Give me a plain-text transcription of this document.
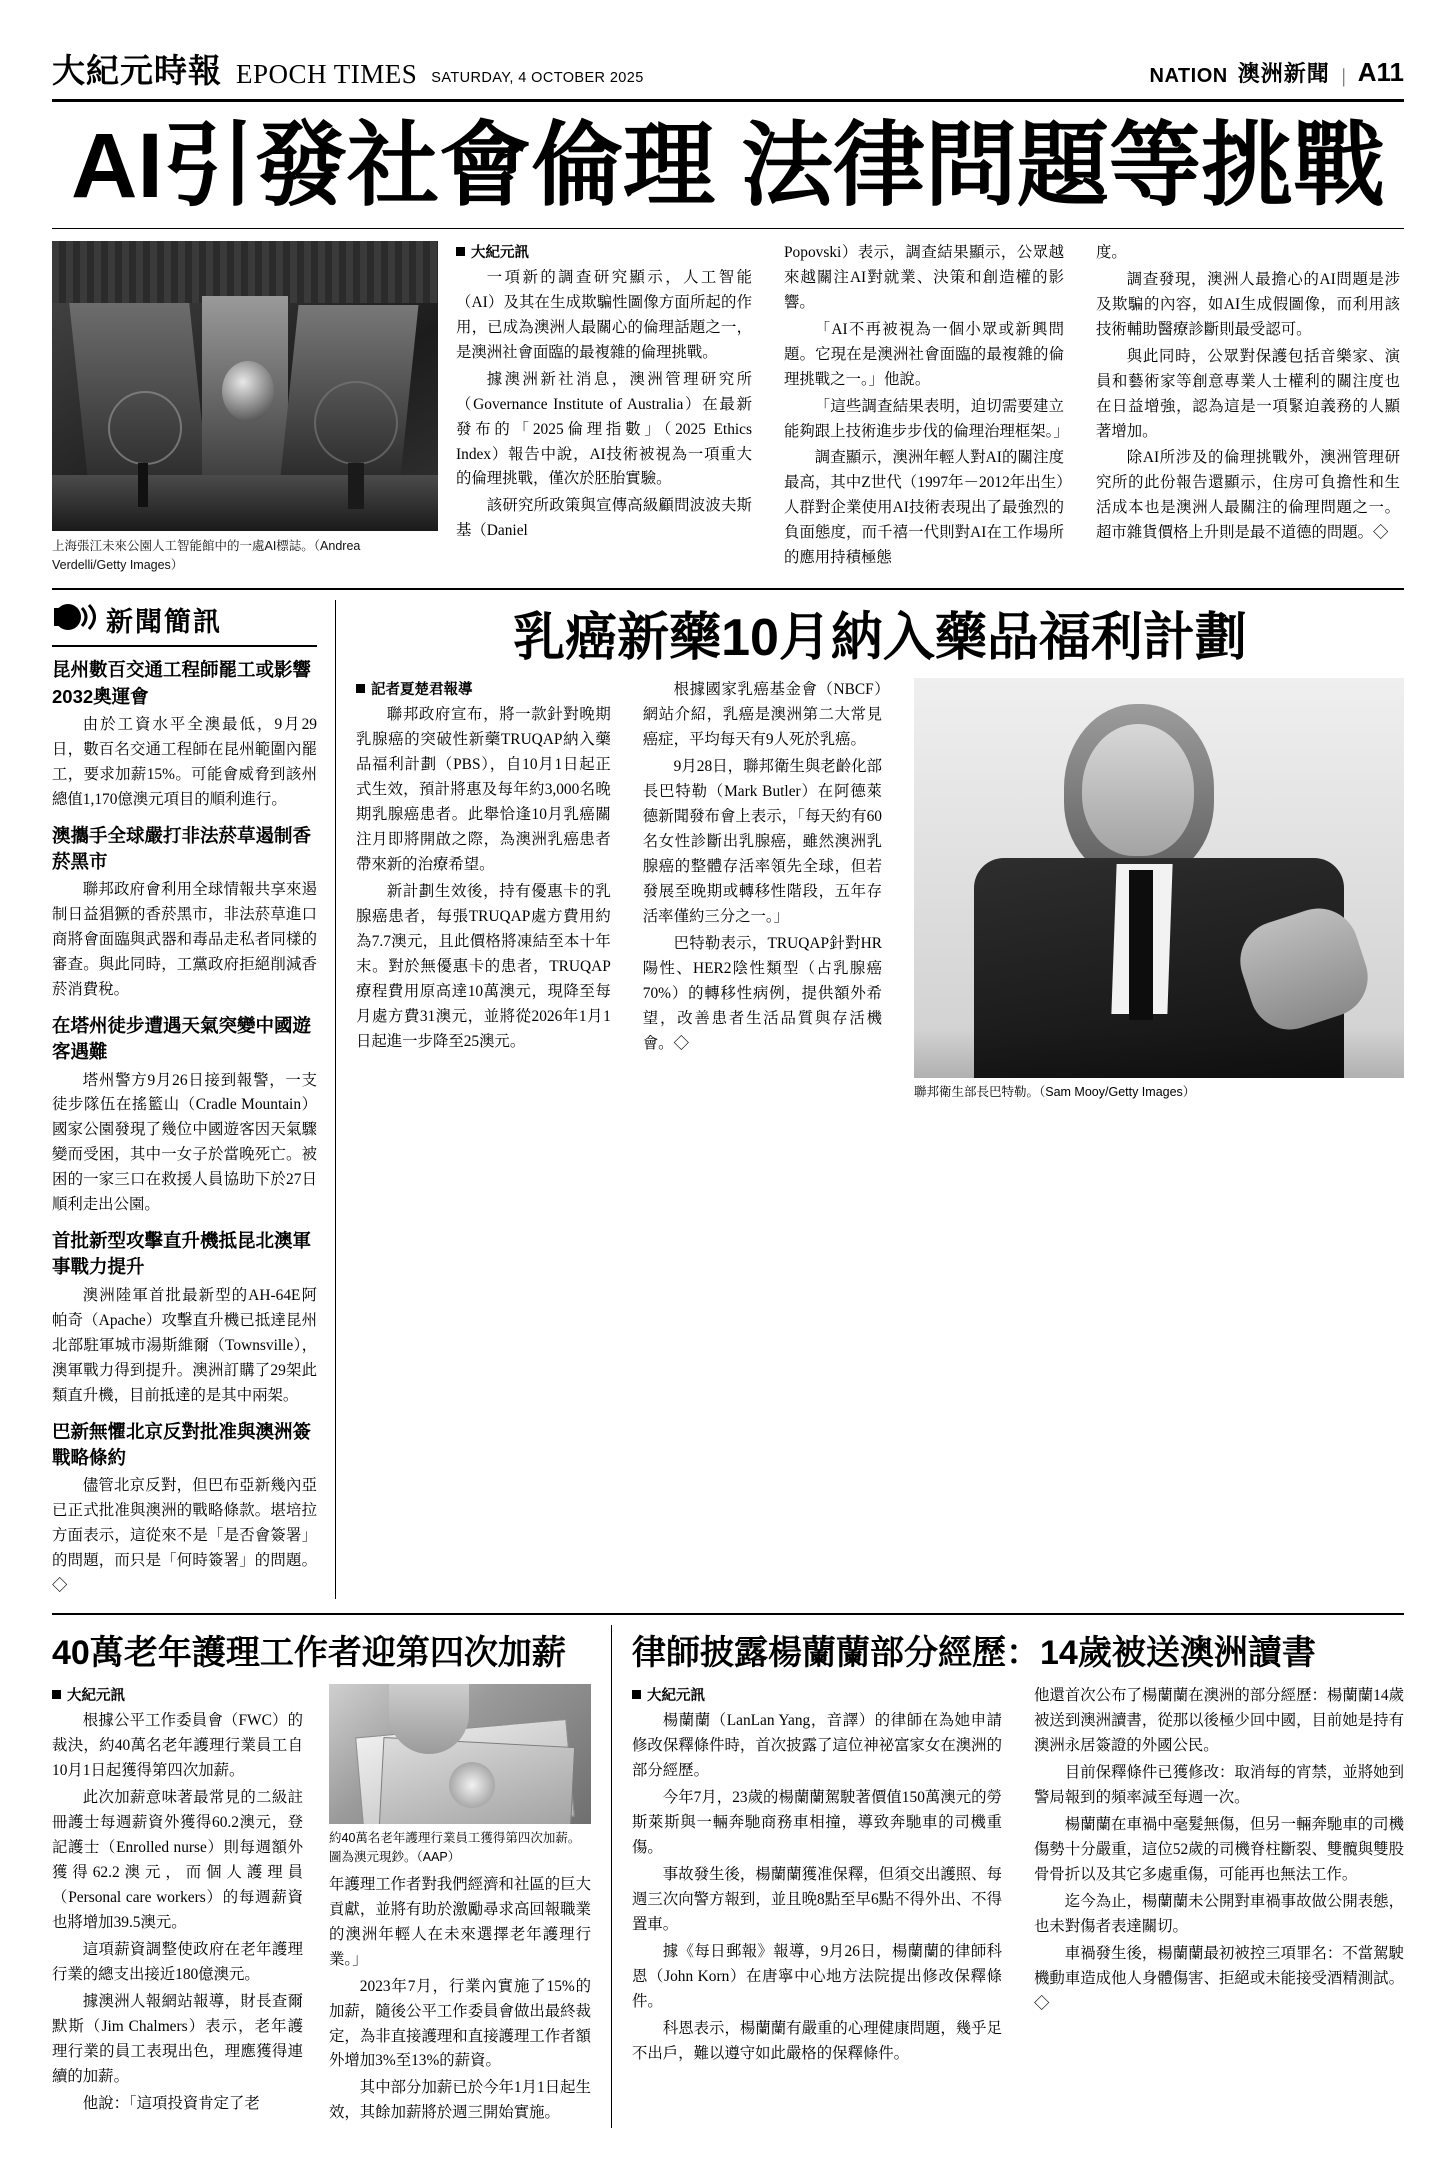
大紀元時報 EPOCH TIMES SATURDAY, 4 OCTOBER 2025	NATION 澳洲新聞 | A11
AI引發社會倫理 法律問題等挑戰
上海張江未來公園人工智能館中的一處AI標誌。（Andrea Verdelli/Getty Images）
大紀元訊

一項新的調查研究顯示，人工智能（AI）及其在生成欺騙性圖像方面所起的作用，已成為澳洲人最關心的倫理話題之一，是澳洲社會面臨的最複雜的倫理挑戰。

據澳洲新社消息，澳洲管理研究所（Governance Institute of Australia）在最新發布的「2025倫理指數」（2025 Ethics Index）報告中說，AI技術被視為一項重大的倫理挑戰，僅次於胚胎實驗。

該研究所政策與宣傳高級顧問波波夫斯基（Daniel

Popovski）表示，調查結果顯示，公眾越來越關注AI對就業、決策和創造權的影響。

「AI不再被視為一個小眾或新興問題。它現在是澳洲社會面臨的最複雜的倫理挑戰之一。」他說。

「這些調查結果表明，迫切需要建立能夠跟上技術進步步伐的倫理治理框架。」

調查顯示，澳洲年輕人對AI的關注度最高，其中Z世代（1997年－2012年出生）人群對企業使用AI技術表現出了最強烈的負面態度，而千禧一代則對AI在工作場所的應用持積極態

度。

調查發現，澳洲人最擔心的AI問題是涉及欺騙的內容，如AI生成假圖像，而利用該技術輔助醫療診斷則最受認可。

與此同時，公眾對保護包括音樂家、演員和藝術家等創意專業人士權利的關注度也在日益增強，認為這是一項緊迫義務的人顯著增加。

除AI所涉及的倫理挑戰外，澳洲管理研究所的此份報告還顯示，住房可負擔性和生活成本也是澳洲人最關注的倫理問題之一。超市雜貨價格上升則是最不道德的問題。◇

新聞簡訊
昆州數百交通工程師罷工或影響2032奧運會

由於工資水平全澳最低，9月29日，數百名交通工程師在昆州範圍內罷工，要求加薪15%。可能會威脅到該州總值1,170億澳元項目的順利進行。

澳攜手全球嚴打非法菸草遏制香菸黑市

聯邦政府會利用全球情報共享來遏制日益猖獗的香菸黑市，非法菸草進口商將會面臨與武器和毒品走私者同樣的審查。與此同時，工黨政府拒絕削減香菸消費稅。

在塔州徒步遭遇天氣突變中國遊客遇難

塔州警方9月26日接到報警，一支徒步隊伍在搖籃山（Cradle Mountain）國家公園發現了幾位中國遊客因天氣驟變而受困，其中一女子於當晚死亡。被困的一家三口在救援人員協助下於27日順利走出公園。

首批新型攻擊直升機抵昆北澳軍事戰力提升

澳洲陸軍首批最新型的AH-64E阿帕奇（Apache）攻擊直升機已抵達昆州北部駐軍城市湯斯維爾（Townsville），澳軍戰力得到提升。澳洲訂購了29架此類直升機，目前抵達的是其中兩架。

巴新無懼北京反對批准與澳洲簽戰略條約

儘管北京反對，但巴布亞新幾內亞已正式批准與澳洲的戰略條款。堪培拉方面表示，這從來不是「是否會簽署」的問題，而只是「何時簽署」的問題。◇

乳癌新藥10月納入藥品福利計劃
記者夏楚君報導

聯邦政府宣布，將一款針對晚期乳腺癌的突破性新藥TRUQAP納入藥品福利計劃（PBS），自10月1日起正式生效，預計將惠及每年約3,000名晚期乳腺癌患者。此舉恰逢10月乳癌關注月即將開啟之際，為澳洲乳癌患者帶來新的治療希望。

新計劃生效後，持有優惠卡的乳腺癌患者，每張TRUQAP處方費用約為7.7澳元，且此價格將凍結至本十年末。對於無優惠卡的患者，TRUQAP療程費用原高達10萬澳元，現降至每月處方費31澳元，並將從2026年1月1日起進一步降至25澳元。

根據國家乳癌基金會（NBCF）網站介紹，乳癌是澳洲第二大常見癌症，平均每天有9人死於乳癌。

9月28日，聯邦衛生與老齡化部長巴特勒（Mark Butler）在阿德萊德新聞發布會上表示，「每天約有60名女性診斷出乳腺癌，雖然澳洲乳腺癌的整體存活率領先全球，但若發展至晚期或轉移性階段，五年存活率僅約三分之一。」

巴特勒表示，TRUQAP針對HR陽性、HER2陰性類型（占乳腺癌70%）的轉移性病例，提供額外希望，改善患者生活品質與存活機會。◇

聯邦衛生部長巴特勒。（Sam Mooy/Getty Images）
40萬老年護理工作者迎第四次加薪
大紀元訊

根據公平工作委員會（FWC）的裁決，約40萬名老年護理行業員工自10月1日起獲得第四次加薪。

此次加薪意味著最常見的二級註冊護士每週薪資外獲得60.2澳元，登記護士（Enrolled nurse）則每週額外獲得62.2澳元，而個人護理員（Personal care workers）的每週薪資也將增加39.5澳元。

這項薪資調整使政府在老年護理行業的總支出接近180億澳元。

據澳洲人報網站報導，財長查爾默斯（Jim Chalmers）表示，老年護理行業的員工表現出色，理應獲得連續的加薪。

他說：「這項投資肯定了老

約40萬名老年護理行業員工獲得第四次加薪。圖為澳元現鈔。（AAP）

年護理工作者對我們經濟和社區的巨大貢獻，並將有助於激勵尋求高回報職業的澳洲年輕人在未來選擇老年護理行業。」

2023年7月，行業內實施了15%的加薪，隨後公平工作委員會做出最終裁定，為非直接護理和直接護理工作者額外增加3%至13%的薪資。

其中部分加薪已於今年1月1日起生效，其餘加薪將於週三開始實施。

律師披露楊蘭蘭部分經歷：14歲被送澳洲讀書
大紀元訊

楊蘭蘭（LanLan Yang，音譯）的律師在為她申請修改保釋條件時，首次披露了這位神祕富家女在澳洲的部分經歷。

今年7月，23歲的楊蘭蘭駕駛著價值150萬澳元的勞斯萊斯與一輛奔馳商務車相撞，導致奔馳車的司機重傷。

事故發生後，楊蘭蘭獲准保釋，但須交出護照、每週三次向警方報到，並且晚8點至早6點不得外出、不得置車。

據《每日郵報》報導，9月26日，楊蘭蘭的律師科恩（John Korn）在唐寧中心地方法院提出修改保釋條件。

科恩表示，楊蘭蘭有嚴重的心理健康問題，幾乎足不出戶，難以遵守如此嚴格的保釋條件。

他還首次公布了楊蘭蘭在澳洲的部分經歷：楊蘭蘭14歲被送到澳洲讀書，從那以後極少回中國，目前她是持有澳洲永居簽證的外國公民。

目前保釋條件已獲修改：取消每的宵禁，並將她到警局報到的頻率減至每週一次。

楊蘭蘭在車禍中毫髮無傷，但另一輛奔馳車的司機傷勢十分嚴重，這位52歲的司機脊柱斷裂、雙髖與雙股骨骨折以及其它多處重傷，可能再也無法工作。

迄今為止，楊蘭蘭未公開對車禍事故做公開表態，也未對傷者表達關切。

車禍發生後，楊蘭蘭最初被控三項罪名：不當駕駛機動車造成他人身體傷害、拒絕或未能接受酒精測試。◇
